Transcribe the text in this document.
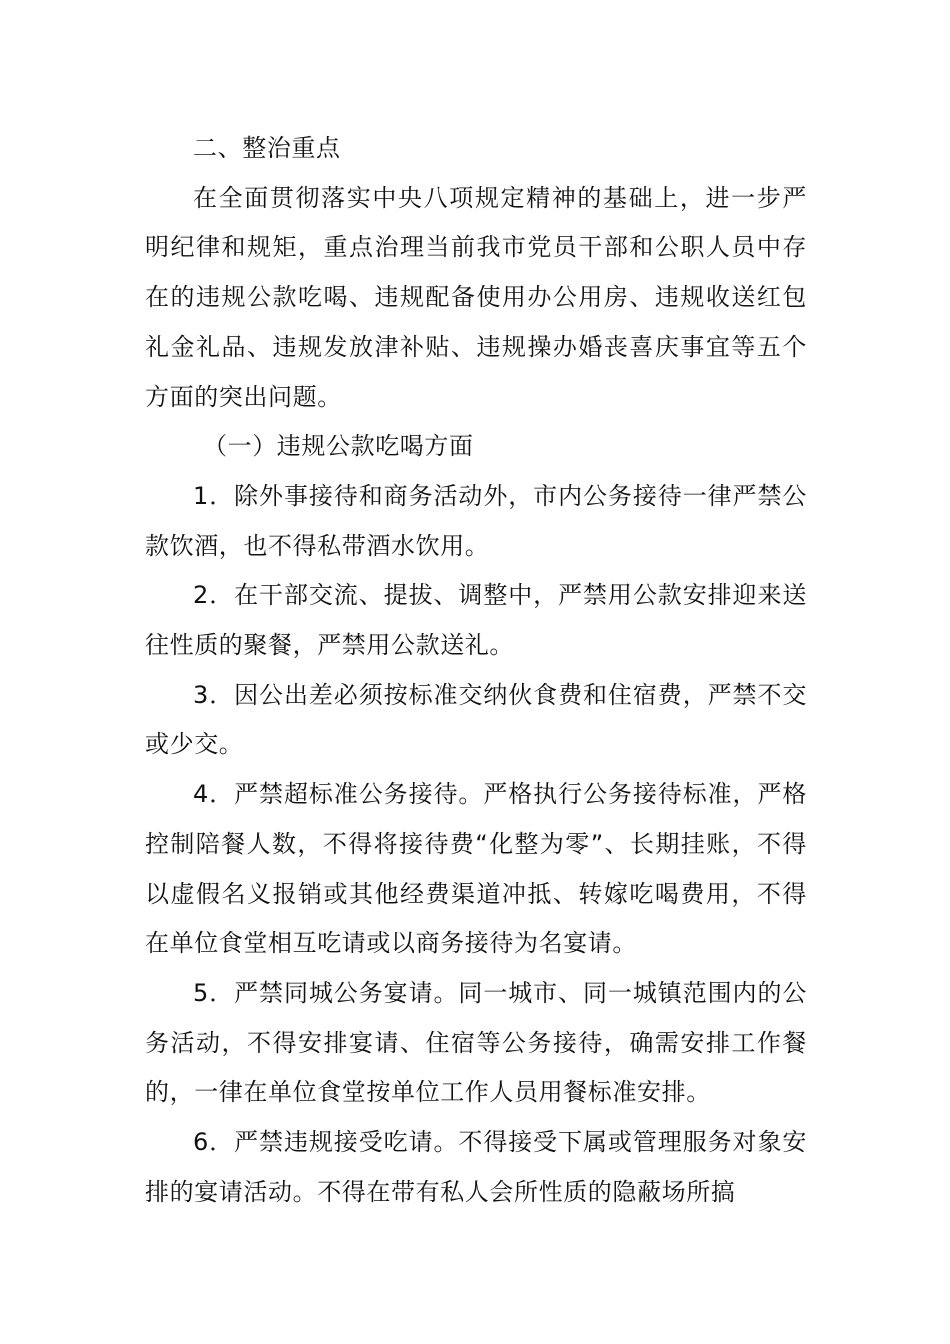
二、整治重点

在全面贯彻落实中央八项规定精神的基础上，进一步严明纪律和规矩，重点治理当前我市党员干部和公职人员中存在的违规公款吃喝、违规配备使用办公用房、违规收送红包礼金礼品、违规发放津补贴、违规操办婚丧喜庆事宜等五个方面的突出问题。

（一）违规公款吃喝方面

1．除外事接待和商务活动外，市内公务接待一律严禁公款饮酒，也不得私带酒水饮用。

2．在干部交流、提拔、调整中，严禁用公款安排迎来送往性质的聚餐，严禁用公款送礼。

3．因公出差必须按标准交纳伙食费和住宿费，严禁不交或少交。

4．严禁超标准公务接待。严格执行公务接待标准，严格控制陪餐人数，不得将接待费“化整为零”、长期挂账，不得以虚假名义报销或其他经费渠道冲抵、转嫁吃喝费用，不得在单位食堂相互吃请或以商务接待为名宴请。

5．严禁同城公务宴请。同一城市、同一城镇范围内的公务活动，不得安排宴请、住宿等公务接待，确需安排工作餐的，一律在单位食堂按单位工作人员用餐标准安排。

6．严禁违规接受吃请。不得接受下属或管理服务对象安排的宴请活动。不得在带有私人会所性质的隐蔽场所搞
